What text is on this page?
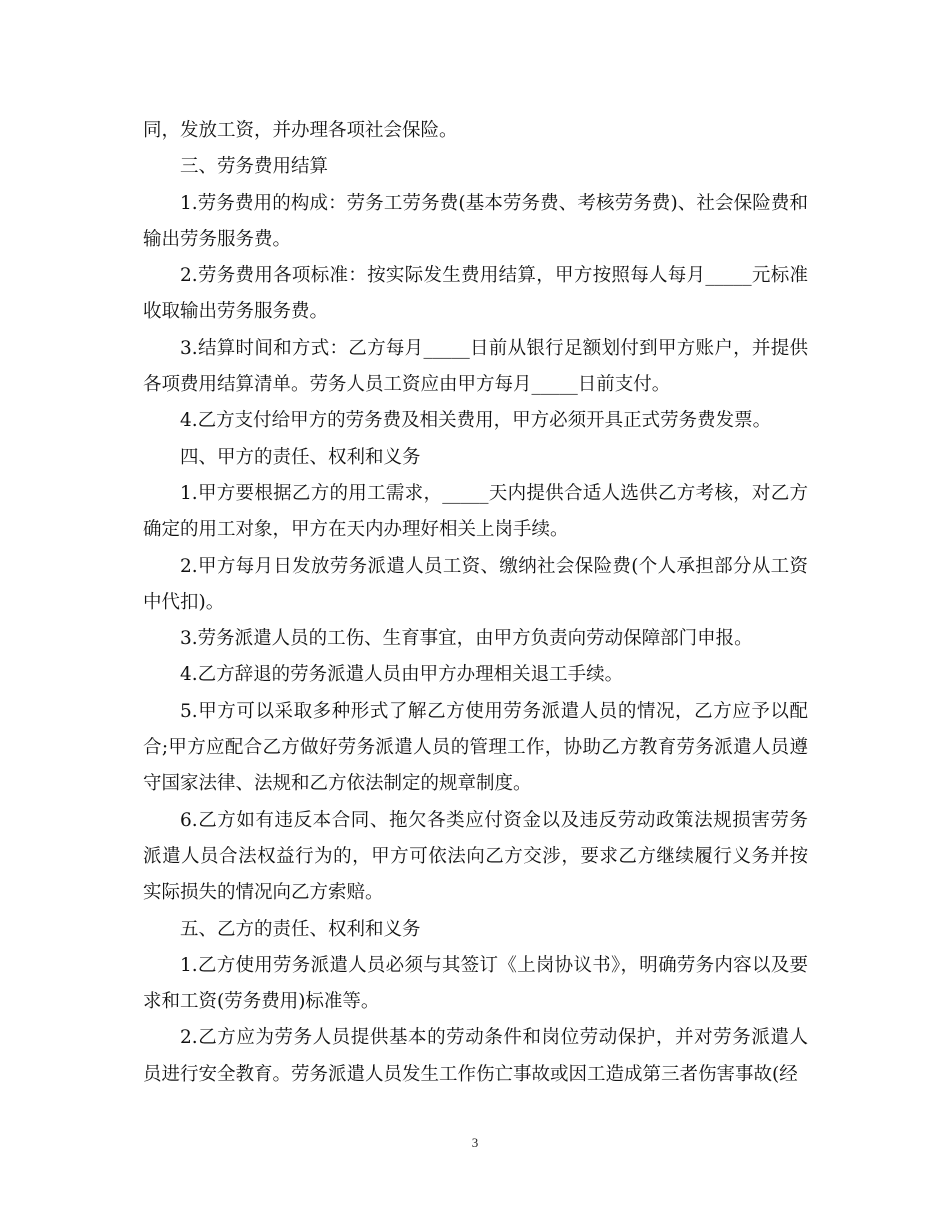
同，发放工资，并办理各项社会保险。

三、劳务费用结算

1.劳务费用的构成：劳务工劳务费(基本劳务费、考核劳务费)、社会保险费和输出劳务服务费。

2.劳务费用各项标准：按实际发生费用结算，甲方按照每人每月_____元标准收取输出劳务服务费。

3.结算时间和方式：乙方每月_____日前从银行足额划付到甲方账户，并提供各项费用结算清单。劳务人员工资应由甲方每月_____日前支付。

4.乙方支付给甲方的劳务费及相关费用，甲方必须开具正式劳务费发票。

四、甲方的责任、权利和义务

1.甲方要根据乙方的用工需求，_____天内提供合适人选供乙方考核，对乙方确定的用工对象，甲方在天内办理好相关上岗手续。

2.甲方每月日发放劳务派遣人员工资、缴纳社会保险费(个人承担部分从工资中代扣)。

3.劳务派遣人员的工伤、生育事宜，由甲方负责向劳动保障部门申报。

4.乙方辞退的劳务派遣人员由甲方办理相关退工手续。

5.甲方可以采取多种形式了解乙方使用劳务派遣人员的情况，乙方应予以配合;甲方应配合乙方做好劳务派遣人员的管理工作，协助乙方教育劳务派遣人员遵守国家法律、法规和乙方依法制定的规章制度。

6.乙方如有违反本合同、拖欠各类应付资金以及违反劳动政策法规损害劳务派遣人员合法权益行为的，甲方可依法向乙方交涉，要求乙方继续履行义务并按实际损失的情况向乙方索赔。

五、乙方的责任、权利和义务

1.乙方使用劳务派遣人员必须与其签订《上岗协议书》，明确劳务内容以及要求和工资(劳务费用)标准等。

2.乙方应为劳务人员提供基本的劳动条件和岗位劳动保护，并对劳务派遣人员进行安全教育。劳务派遣人员发生工作伤亡事故或因工造成第三者伤害事故(经

3
